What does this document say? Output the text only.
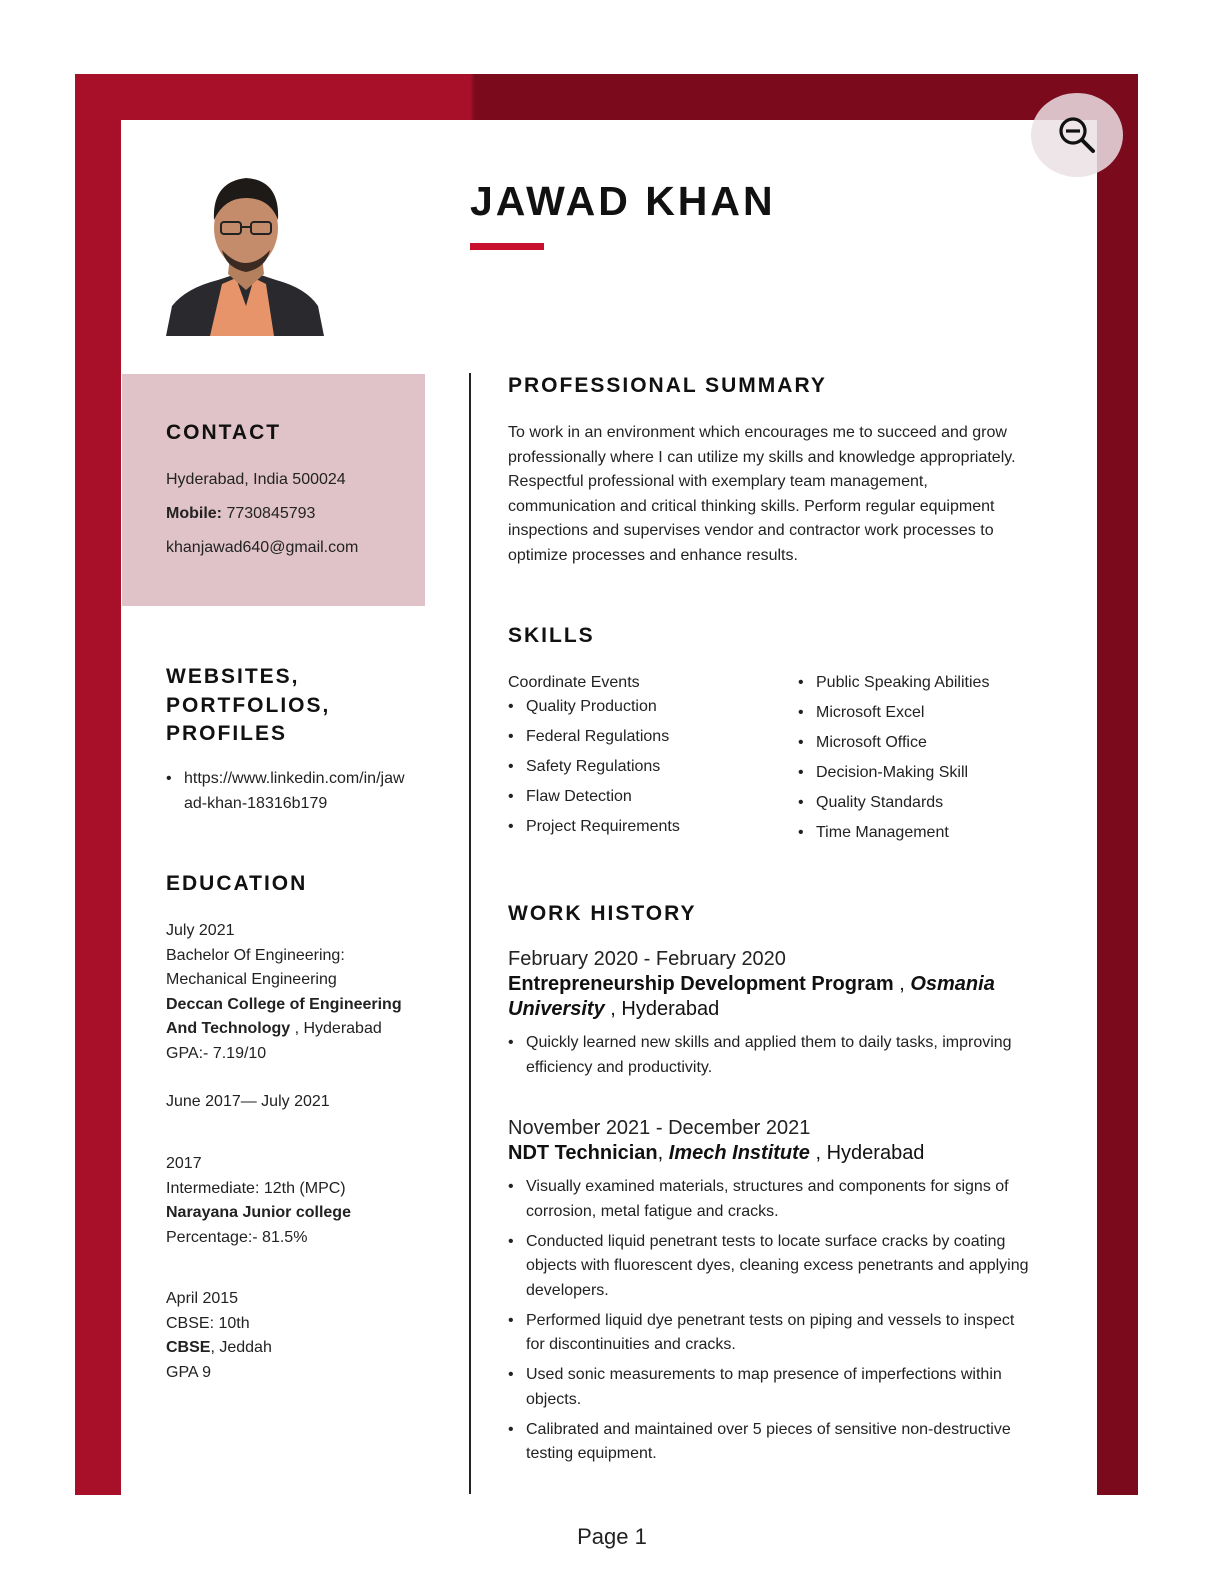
JAWAD KHAN
CONTACT
Hyderabad, India 500024
Mobile: 7730845793
khanjawad640@gmail.com
WEBSITES,
PORTFOLIOS,
PROFILES
• https://www.linkedin.com/in/jaw
ad-khan-18316b179
EDUCATION
July 2021
Bachelor Of Engineering:
Mechanical Engineering
Deccan College of Engineering
And Technology , Hyderabad
GPA:- 7.19/10
June 2017— July 2021
2017
Intermediate: 12th (MPC)
Narayana Junior college
Percentage:- 81.5%
April 2015
CBSE: 10th
CBSE, Jeddah
GPA 9
PROFESSIONAL SUMMARY
To work in an environment which encourages me to succeed and grow
professionally where I can utilize my skills and knowledge appropriately.
Respectful professional with exemplary team management,
communication and critical thinking skills. Perform regular equipment
inspections and supervises vendor and contractor work processes to
optimize processes and enhance results.
SKILLS
Coordinate Events
• Quality Production
• Federal Regulations
• Safety Regulations
• Flaw Detection
• Project Requirements
• Public Speaking Abilities
• Microsoft Excel
• Microsoft Office
• Decision-Making Skill
• Quality Standards
• Time Management
WORK HISTORY
February 2020 - February 2020
Entrepreneurship Development Program , Osmania
University , Hyderabad
• Quickly learned new skills and applied them to daily tasks, improving
efficiency and productivity.
November 2021 - December 2021
NDT Technician, Imech Institute , Hyderabad
• Visually examined materials, structures and components for signs of
corrosion, metal fatigue and cracks.
• Conducted liquid penetrant tests to locate surface cracks by coating
objects with fluorescent dyes, cleaning excess penetrants and applying
developers.
• Performed liquid dye penetrant tests on piping and vessels to inspect
for discontinuities and cracks.
• Used sonic measurements to map presence of imperfections within
objects.
• Calibrated and maintained over 5 pieces of sensitive non-destructive
testing equipment.
Page 1
